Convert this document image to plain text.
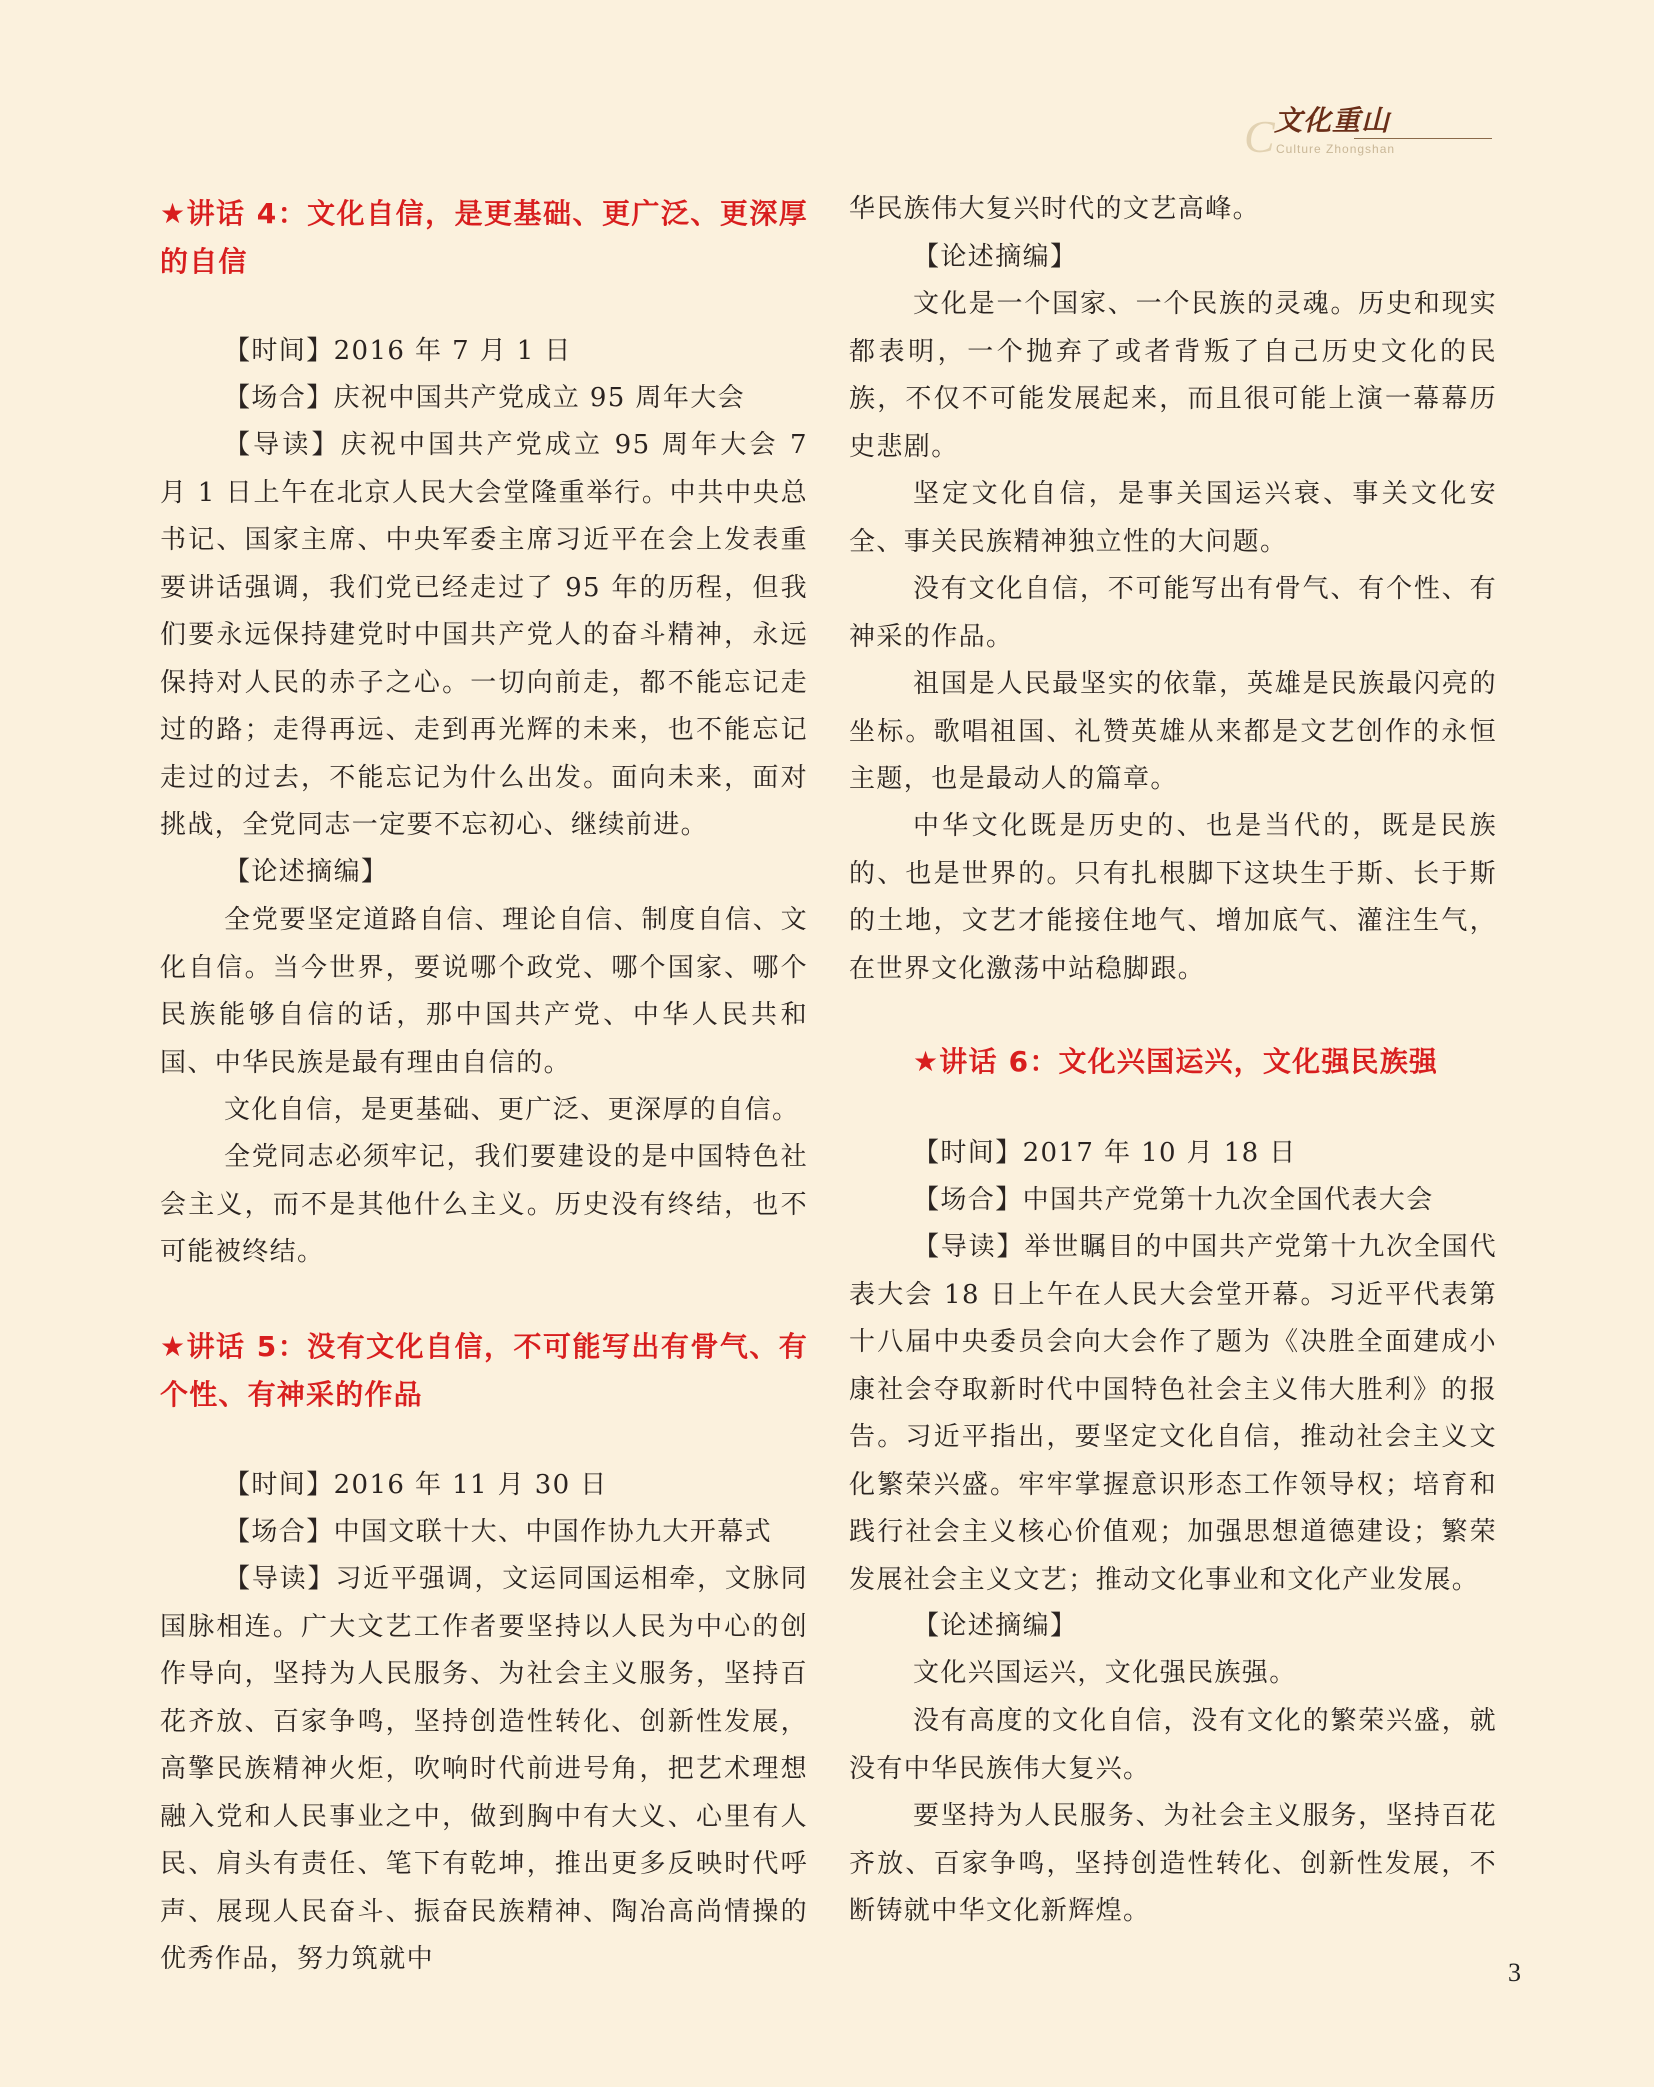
C 文化重山
Culture Zhongshan
★讲话 4：文化自信，是更基础、更广泛、更深厚的自信

【时间】2016 年 7 月 1 日

【场合】庆祝中国共产党成立 95 周年大会

【导读】庆祝中国共产党成立 95 周年大会 7 月 1 日上午在北京人民大会堂隆重举行。中共中央总书记、国家主席、中央军委主席习近平在会上发表重要讲话强调，我们党已经走过了 95 年的历程，但我们要永远保持建党时中国共产党人的奋斗精神，永远保持对人民的赤子之心。一切向前走，都不能忘记走过的路；走得再远、走到再光辉的未来，也不能忘记走过的过去，不能忘记为什么出发。面向未来，面对挑战，全党同志一定要不忘初心、继续前进。

【论述摘编】

全党要坚定道路自信、理论自信、制度自信、文化自信。当今世界，要说哪个政党、哪个国家、哪个民族能够自信的话，那中国共产党、中华人民共和国、中华民族是最有理由自信的。

文化自信，是更基础、更广泛、更深厚的自信。

全党同志必须牢记，我们要建设的是中国特色社会主义，而不是其他什么主义。历史没有终结，也不可能被终结。

★讲话 5：没有文化自信，不可能写出有骨气、有个性、有神采的作品

【时间】2016 年 11 月 30 日

【场合】中国文联十大、中国作协九大开幕式

【导读】习近平强调，文运同国运相牵，文脉同国脉相连。广大文艺工作者要坚持以人民为中心的创作导向，坚持为人民服务、为社会主义服务，坚持百花齐放、百家争鸣，坚持创造性转化、创新性发展，高擎民族精神火炬，吹响时代前进号角，把艺术理想融入党和人民事业之中，做到胸中有大义、心里有人民、肩头有责任、笔下有乾坤，推出更多反映时代呼声、展现人民奋斗、振奋民族精神、陶冶高尚情操的优秀作品，努力筑就中

华民族伟大复兴时代的文艺高峰。

【论述摘编】

文化是一个国家、一个民族的灵魂。历史和现实都表明，一个抛弃了或者背叛了自己历史文化的民族，不仅不可能发展起来，而且很可能上演一幕幕历史悲剧。

坚定文化自信，是事关国运兴衰、事关文化安全、事关民族精神独立性的大问题。

没有文化自信，不可能写出有骨气、有个性、有神采的作品。

祖国是人民最坚实的依靠，英雄是民族最闪亮的坐标。歌唱祖国、礼赞英雄从来都是文艺创作的永恒主题，也是最动人的篇章。

中华文化既是历史的、也是当代的，既是民族的、也是世界的。只有扎根脚下这块生于斯、长于斯的土地，文艺才能接住地气、增加底气、灌注生气，在世界文化激荡中站稳脚跟。

★讲话 6：文化兴国运兴，文化强民族强

【时间】2017 年 10 月 18 日

【场合】中国共产党第十九次全国代表大会

【导读】举世瞩目的中国共产党第十九次全国代表大会 18 日上午在人民大会堂开幕。习近平代表第十八届中央委员会向大会作了题为《决胜全面建成小康社会夺取新时代中国特色社会主义伟大胜利》的报告。习近平指出，要坚定文化自信，推动社会主义文化繁荣兴盛。牢牢掌握意识形态工作领导权；培育和践行社会主义核心价值观；加强思想道德建设；繁荣发展社会主义文艺；推动文化事业和文化产业发展。

【论述摘编】

文化兴国运兴，文化强民族强。

没有高度的文化自信，没有文化的繁荣兴盛，就没有中华民族伟大复兴。

要坚持为人民服务、为社会主义服务，坚持百花齐放、百家争鸣，坚持创造性转化、创新性发展，不断铸就中华文化新辉煌。

3
